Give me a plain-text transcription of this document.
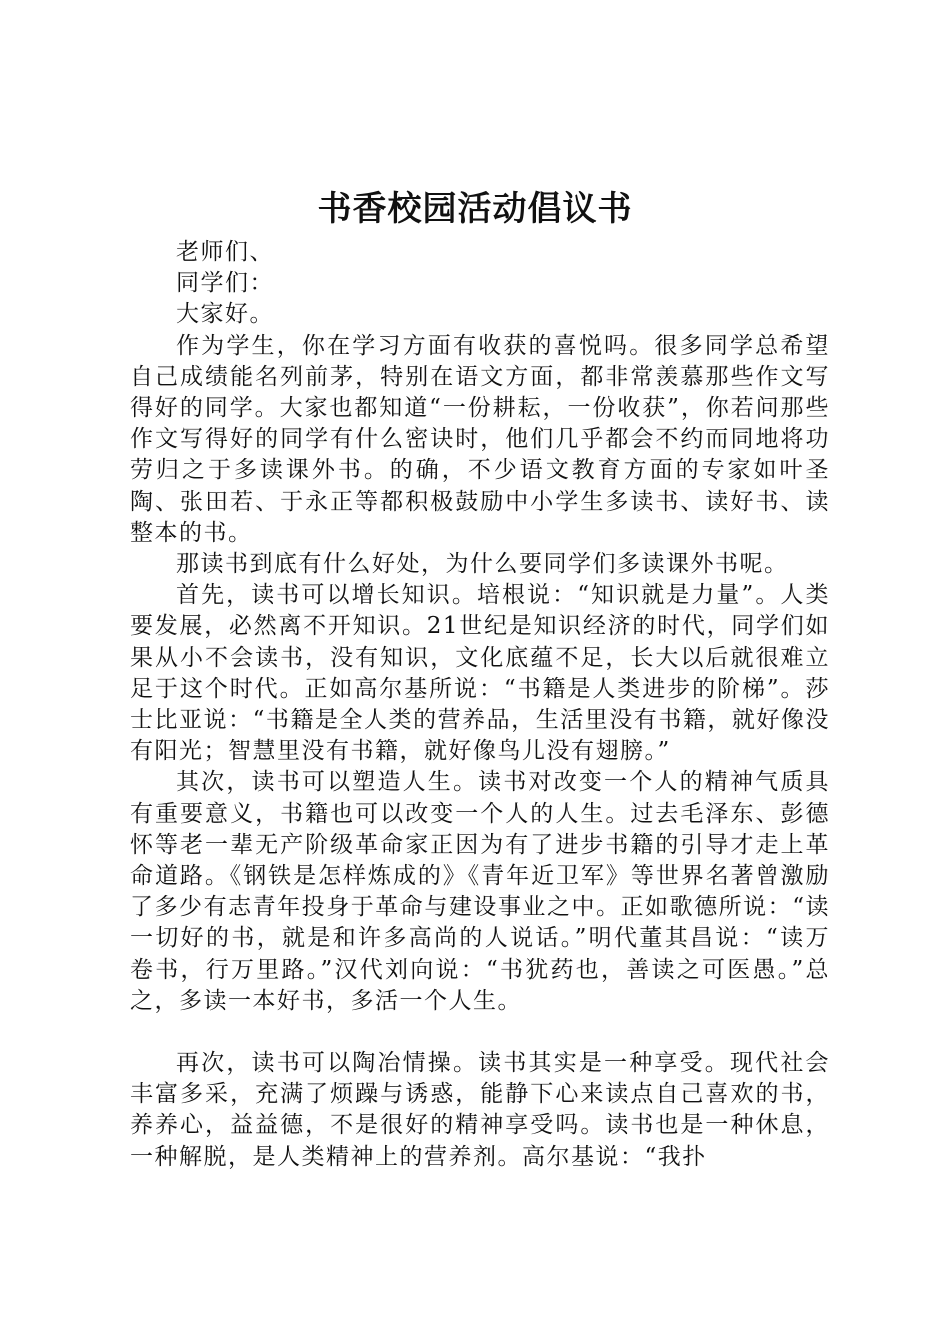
书香校园活动倡议书

老师们、

同学们：

大家好。

作为学生，你在学习方面有收获的喜悦吗。很多同学总希望自己成绩能名列前茅，特别在语文方面，都非常羡慕那些作文写得好的同学。大家也都知道“一份耕耘，一份收获”，你若问那些作文写得好的同学有什么密诀时，他们几乎都会不约而同地将功劳归之于多读课外书。的确，不少语文教育方面的专家如叶圣陶、张田若、于永正等都积极鼓励中小学生多读书、读好书、读整本的书。

那读书到底有什么好处，为什么要同学们多读课外书呢。

首先，读书可以增长知识。培根说：“知识就是力量”。人类要发展，必然离不开知识。21世纪是知识经济的时代，同学们如果从小不会读书，没有知识，文化底蕴不足，长大以后就很难立足于这个时代。正如高尔基所说：“书籍是人类进步的阶梯”。莎士比亚说：“书籍是全人类的营养品，生活里没有书籍，就好像没有阳光；智慧里没有书籍，就好像鸟儿没有翅膀。”

其次，读书可以塑造人生。读书对改变一个人的精神气质具有重要意义，书籍也可以改变一个人的人生。过去毛泽东、彭德怀等老一辈无产阶级革命家正因为有了进步书籍的引导才走上革命道路。《钢铁是怎样炼成的》《青年近卫军》等世界名著曾激励了多少有志青年投身于革命与建设事业之中。正如歌德所说：“读一切好的书，就是和许多高尚的人说话。”明代董其昌说：“读万卷书，行万里路。”汉代刘向说：“书犹药也，善读之可医愚。”总之，多读一本好书，多活一个人生。

再次，读书可以陶冶情操。读书其实是一种享受。现代社会丰富多采，充满了烦躁与诱惑，能静下心来读点自己喜欢的书，养养心，益益德，不是很好的精神享受吗。读书也是一种休息，一种解脱，是人类精神上的营养剂。高尔基说：“我扑
